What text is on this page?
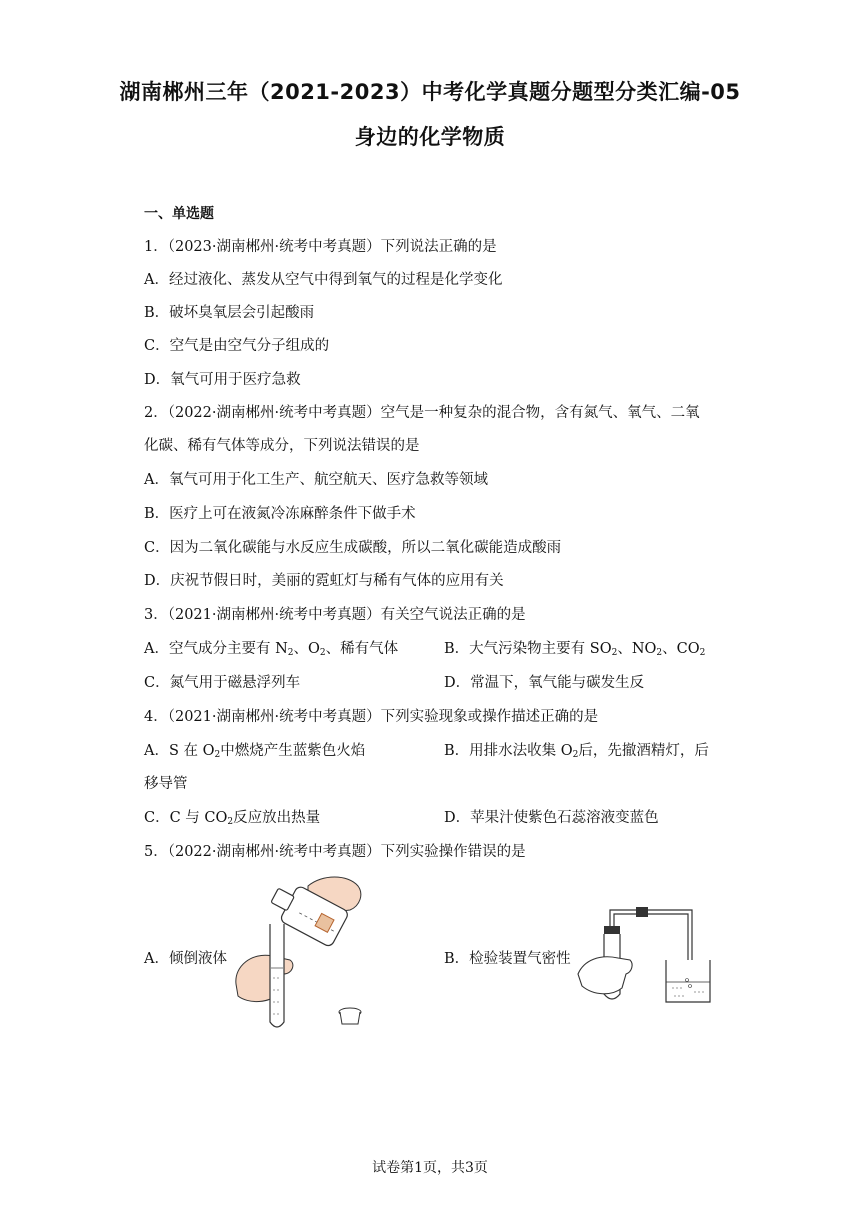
湖南郴州三年（2021-2023）中考化学真题分题型分类汇编-05
身边的化学物质
一、单选题
1．（2023·湖南郴州·统考中考真题）下列说法正确的是
A．经过液化、蒸发从空气中得到氧气的过程是化学变化
B．破坏臭氧层会引起酸雨
C．空气是由空气分子组成的
D．氧气可用于医疗急救
2．（2022·湖南郴州·统考中考真题）空气是一种复杂的混合物，含有氮气、氧气、二氧
化碳、稀有气体等成分，下列说法错误的是
A．氧气可用于化工生产、航空航天、医疗急救等领域
B．医疗上可在液氮冷冻麻醉条件下做手术
C．因为二氧化碳能与水反应生成碳酸，所以二氧化碳能造成酸雨
D．庆祝节假日时，美丽的霓虹灯与稀有气体的应用有关
3．（2021·湖南郴州·统考中考真题）有关空气说法正确的是
A．空气成分主要有 $N_2$、$O_2$、稀有气体	B．大气污染物主要有 $SO_2$、$NO_2$、$CO_2$
C．氮气用于磁悬浮列车	D．常温下，氧气能与碳发生反
4．（2021·湖南郴州·统考中考真题）下列实验现象或操作描述正确的是
A．S 在 $O_2$中燃烧产生蓝紫色火焰	B．用排水法收集 $O_2$后，先撤酒精灯，后
移导管
C．C 与 $CO_2$反应放出热量	D．苹果汁使紫色石蕊溶液变蓝色
5．（2022·湖南郴州·统考中考真题）下列实验操作错误的是
A．倾倒液体	B．检验装置气密性
试卷第1页，共3页
